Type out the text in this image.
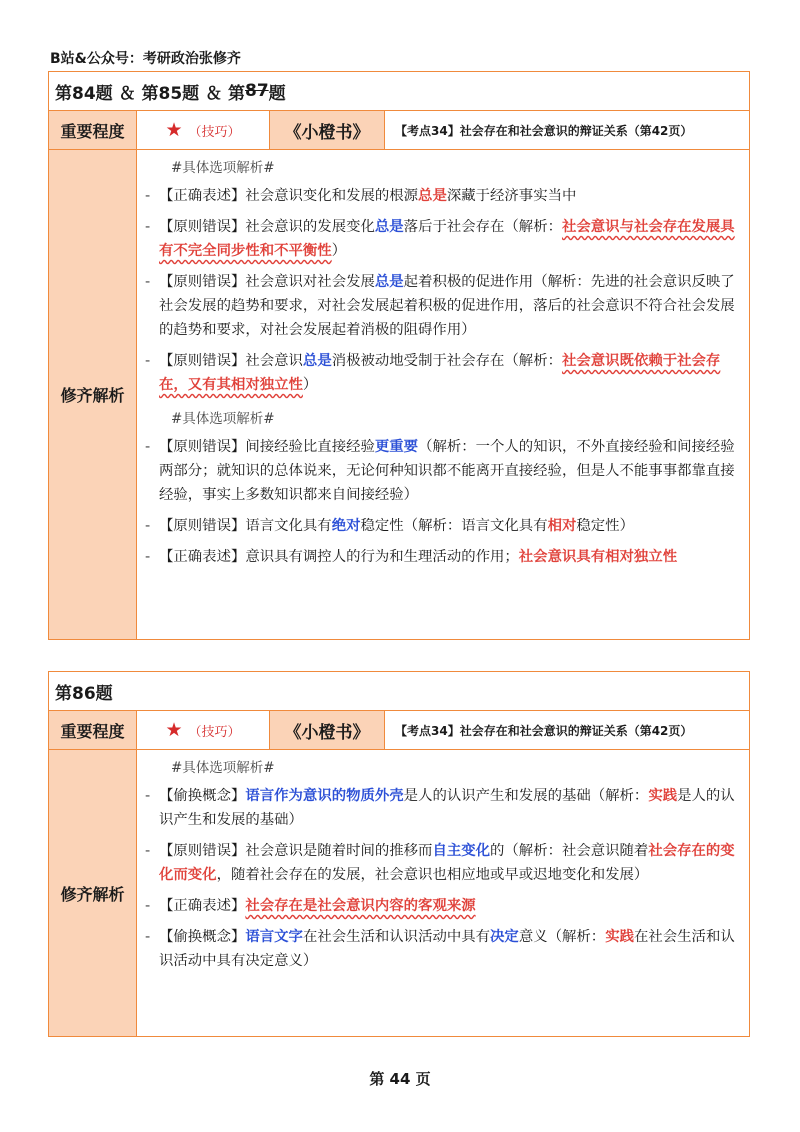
B站&公众号：考研政治张修齐
第84题 ＆ 第85题 ＆ 第 87 题
重要程度	★ （技巧）	《小橙书》	【考点34】社会存在和社会意识的辩证关系（第42页）
修齐解析
#具体选项解析#
- 【正确表述】社会意识变化和发展的根源总是深藏于经济事实当中
- 【原则错误】社会意识的发展变化总是落后于社会存在（解析：社会意识与社会存在发展具有不完全同步性和不平衡性）
- 【原则错误】社会意识对社会发展总是起着积极的促进作用（解析：先进的社会意识反映了社会发展的趋势和要求，对社会发展起着积极的促进作用，落后的社会意识不符合社会发展的趋势和要求，对社会发展起着消极的阻碍作用）
- 【原则错误】社会意识总是消极被动地受制于社会存在（解析：社会意识既依赖于社会存在，又有其相对独立性）
#具体选项解析#
- 【原则错误】间接经验比直接经验更重要（解析：一个人的知识，不外直接经验和间接经验两部分；就知识的总体说来，无论何种知识都不能离开直接经验，但是人不能事事都靠直接经验，事实上多数知识都来自间接经验）
- 【原则错误】语言文化具有绝对稳定性（解析：语言文化具有相对稳定性）
- 【正确表述】意识具有调控人的行为和生理活动的作用；社会意识具有相对独立性
第86题
重要程度	★ （技巧）	《小橙书》	【考点34】社会存在和社会意识的辩证关系（第42页）
修齐解析
#具体选项解析#
- 【偷换概念】语言作为意识的物质外壳是人的认识产生和发展的基础（解析：实践是人的认识产生和发展的基础）
- 【原则错误】社会意识是随着时间的推移而自主变化的（解析：社会意识随着社会存在的变化而变化，随着社会存在的发展，社会意识也相应地或早或迟地变化和发展）
- 【正确表述】社会存在是社会意识内容的客观来源
- 【偷换概念】语言文字在社会生活和认识活动中具有决定意义（解析：实践在社会生活和认识活动中具有决定意义）
第 44 页
